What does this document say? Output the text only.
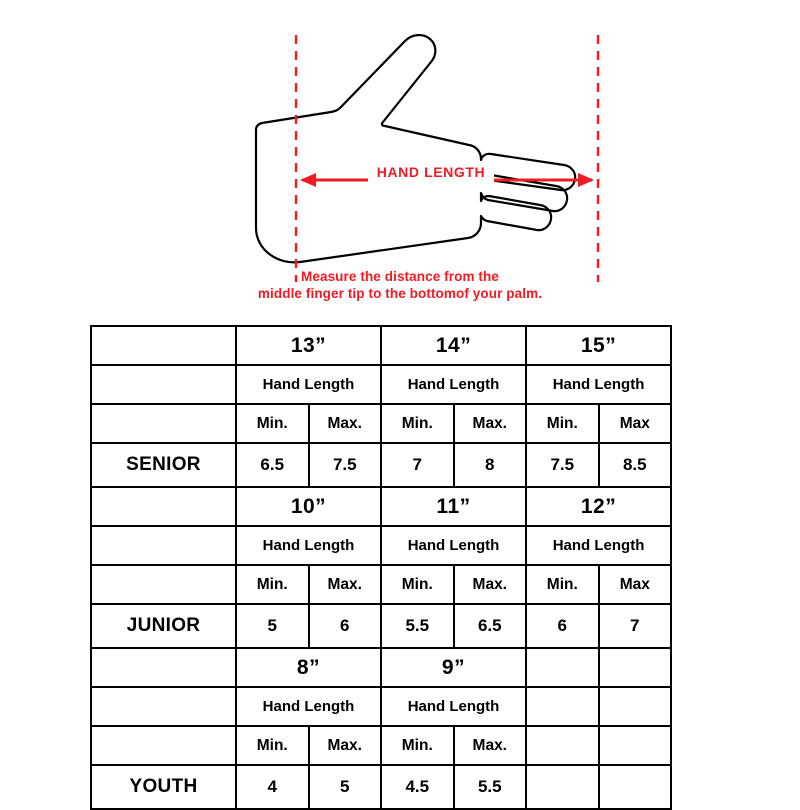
HAND LENGTH
Measure the distance from the
middle finger tip to the bottomof your palm.
	13”		14”		15”	
	Hand Length		Hand Length		Hand Length	
	Min.	Max.	Min.	Max.	Min.	Max
SENIOR	6.5	7.5	7	8	7.5	8.5
	10”		11”		12”	
	Hand Length		Hand Length		Hand Length	
	Min.	Max.	Min.	Max.	Min.	Max
JUNIOR	5	6	5.5	6.5	6	7
	8”		9”			
	Hand Length		Hand Length			
	Min.	Max.	Min.	Max.		
YOUTH	4	5	4.5	5.5		
